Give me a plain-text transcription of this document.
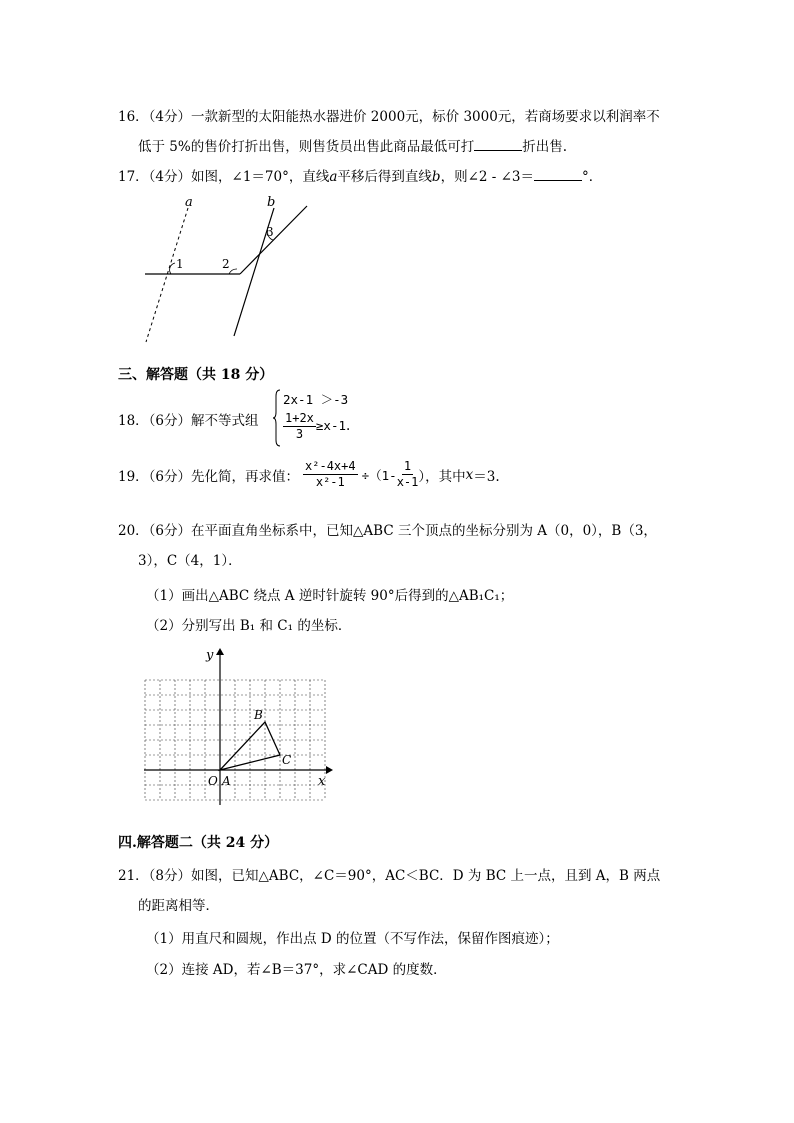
16．（4分）一款新型的太阳能热水器进价 2000元，标价 3000元，若商场要求以利润率不
低于 5%的售价打折出售，则售货员出售此商品最低可打	折出售.
17．（4分）如图，∠1＝70°，直线a平移后得到直线b，则∠2 - ∠3＝	°．
a	b
1	2
3
三、解答题（共 18 分）
18．（6分）解不等式组
2x-1 ＞-3
$\frac{1+2x}{3} \ge x-1$.
19．（6分）先化简，再求值： $\frac{\text{x²-4x+4}}{\text{x²-1}} \div(1- \frac{1}{x-1}$ ），其中 x ＝3.
20．（6分）在平面直角坐标系中，已知△ABC 三个顶点的坐标分别为 A（0，0），B（3，
3），C（4，1）．
（1）画出△ABC 绕点 A 逆时针旋转 90°后得到的△AB₁C₁；
（2）分别写出 B₁ 和 C₁ 的坐标．
y
x
O A
B
C
四.解答题二（共 24 分）
21．（8分）如图，已知△ABC，∠C＝90°，AC＜BC．D 为 BC 上一点，且到 A，B 两点
的距离相等．
（1）用直尺和圆规，作出点 D 的位置（不写作法，保留作图痕迹）；
（2）连接 AD，若∠B＝37°，求∠CAD 的度数．
